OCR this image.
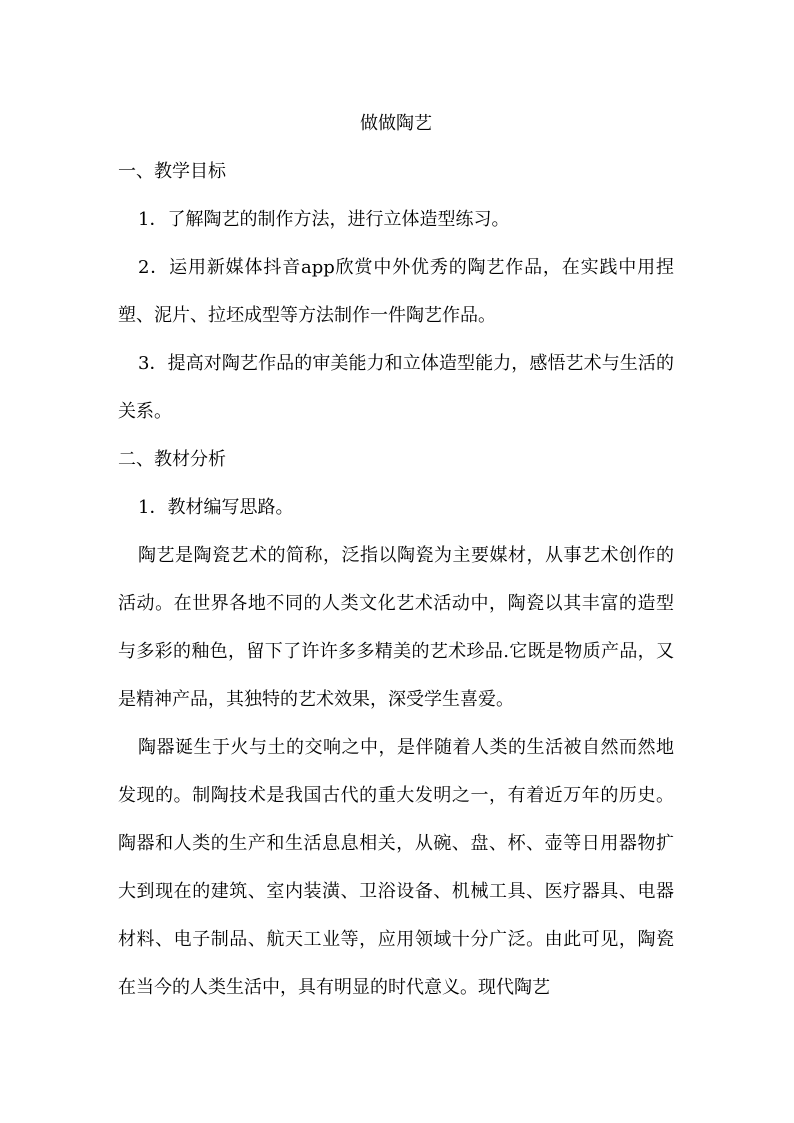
做做陶艺
一、教学目标

1．了解陶艺的制作方法，进行立体造型练习。

2．运用新媒体抖音app欣赏中外优秀的陶艺作品，在实践中用捏塑、泥片、拉坯成型等方法制作一件陶艺作品。

3．提高对陶艺作品的审美能力和立体造型能力，感悟艺术与生活的关系。

二、教材分析

1．教材编写思路。

陶艺是陶瓷艺术的简称，泛指以陶瓷为主要媒材，从事艺术创作的活动。在世界各地不同的人类文化艺术活动中，陶瓷以其丰富的造型与多彩的釉色，留下了许许多多精美的艺术珍品.它既是物质产品，又是精神产品，其独特的艺术效果，深受学生喜爱。

陶器诞生于火与土的交响之中，是伴随着人类的生活被自然而然地发现的。制陶技术是我国古代的重大发明之一，有着近万年的历史。陶器和人类的生产和生活息息相关，从碗、盘、杯、壶等日用器物扩大到现在的建筑、室内装潢、卫浴设备、机械工具、医疗器具、电器材料、电子制品、航天工业等，应用领域十分广泛。由此可见，陶瓷在当今的人类生活中，具有明显的时代意义。现代陶艺
